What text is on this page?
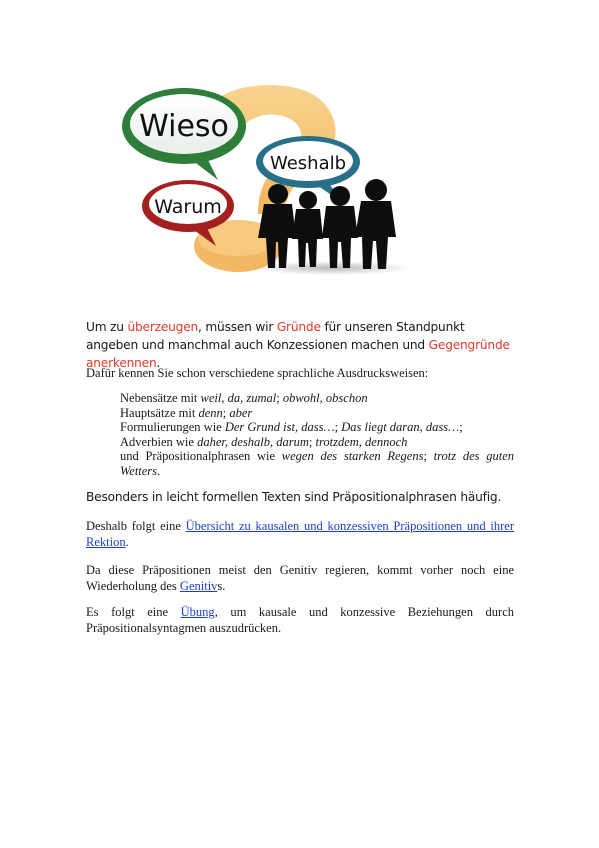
Wieso
Weshalb
Warum

Um zu überzeugen, müssen wir Gründe für unseren Standpunkt angeben und manchmal auch Konzessionen machen und Gegengründe anerkennen.

Dafür kennen Sie schon verschiedene sprachliche Ausdrucksweisen:

Nebensätze mit weil, da, zumal; obwohl, obschon
Hauptsätze mit denn; aber
Formulierungen wie Der Grund ist, dass…; Das liegt daran, dass…;
Adverbien wie daher, deshalb, darum; trotzdem, dennoch
und Präpositionalphrasen wie wegen des starken Regens; trotz des guten Wetters.

Besonders in leicht formellen Texten sind Präpositionalphrasen häufig.

Deshalb folgt eine Übersicht zu kausalen und konzessiven Präpositionen und ihrer Rektion.

Da diese Präpositionen meist den Genitiv regieren, kommt vorher noch eine Wiederholung des Genitivs.

Es folgt eine Übung, um kausale und konzessive Beziehungen durch Präpositionalsyntagmen auszudrücken.
